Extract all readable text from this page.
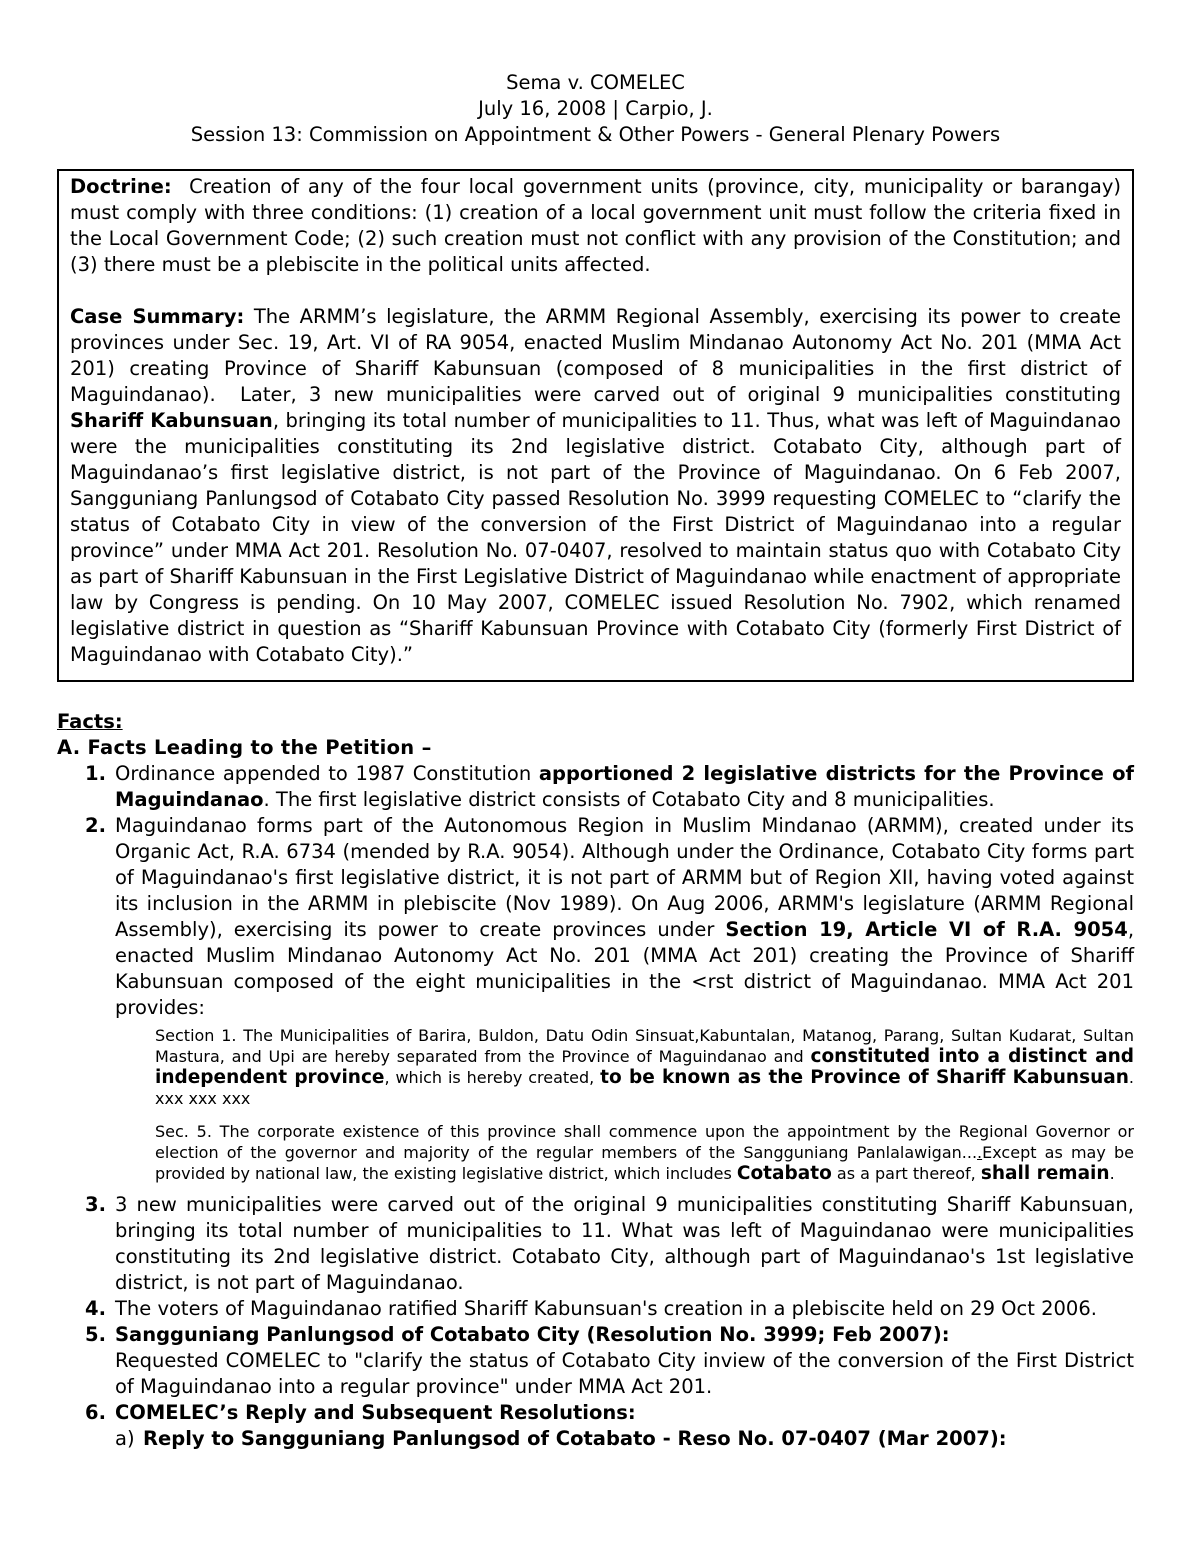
Sema v. COMELEC
July 16, 2008 | Carpio, J.
Session 13: Commission on Appointment & Other Powers - General Plenary Powers

Doctrine:  Creation of any of the four local government units (province, city, municipality or barangay) must comply with three conditions: (1) creation of a local government unit must follow the criteria fixed in the Local Government Code; (2) such creation must not conflict with any provision of the Constitution; and (3) there must be a plebiscite in the political units affected.

Case Summary: The ARMM’s legislature, the ARMM Regional Assembly, exercising its power to create provinces under Sec. 19, Art. VI of RA 9054, enacted Muslim Mindanao Autonomy Act No. 201 (MMA Act 201) creating Province of Shariff Kabunsuan (composed of 8 municipalities in the first district of Maguindanao).  Later, 3 new municipalities were carved out of original 9 municipalities constituting Shariff Kabunsuan, bringing its total number of municipalities to 11. Thus, what was left of Maguindanao were the municipalities constituting its 2nd legislative district. Cotabato City, although part of Maguindanao’s first legislative district, is not part of the Province of Maguindanao. On 6 Feb 2007, Sangguniang Panlungsod of Cotabato City passed Resolution No. 3999 requesting COMELEC to “clarify the status of Cotabato City in view of the conversion of the First District of Maguindanao into a regular province” under MMA Act 201. Resolution No. 07-0407, resolved to maintain status quo with Cotabato City as part of Shariff Kabunsuan in the First Legislative District of Maguindanao while enactment of appropriate law by Congress is pending. On 10 May 2007, COMELEC issued Resolution No. 7902, which renamed legislative district in question as “Shariff Kabunsuan Province with Cotabato City (formerly First District of Maguindanao with Cotabato City).”

Facts:
A. Facts Leading to the Petition –
1. Ordinance appended to 1987 Constitution apportioned 2 legislative districts for the Province of Maguindanao. The first legislative district consists of Cotabato City and 8 municipalities.
2. Maguindanao forms part of the Autonomous Region in Muslim Mindanao (ARMM), created under its Organic Act, R.A. 6734 (mended by R.A. 9054). Although under the Ordinance, Cotabato City forms part of Maguindanao's first legislative district, it is not part of ARMM but of Region XII, having voted against its inclusion in the ARMM in plebiscite (Nov 1989). On Aug 2006, ARMM's legislature (ARMM Regional Assembly), exercising its power to create provinces under Section 19, Article VI of R.A. 9054, enacted Muslim Mindanao Autonomy Act No. 201 (MMA Act 201) creating the Province of Shariff Kabunsuan composed of the eight municipalities in the <rst district of Maguindanao. MMA Act 201 provides:
Section 1. The Municipalities of Barira, Buldon, Datu Odin Sinsuat,Kabuntalan, Matanog, Parang, Sultan Kudarat, Sultan Mastura, and Upi are hereby separated from the Province of Maguindanao and constituted into a distinct and independent province, which is hereby created, to be known as the Province of Shariff Kabunsuan. xxx xxx xxx
Sec. 5. The corporate existence of this province shall commence upon the appointment by the Regional Governor or election of the governor and majority of the regular members of the Sangguniang Panlalawigan....Except as may be provided by national law, the existing legislative district, which includes Cotabato as a part thereof, shall remain.
3. 3 new municipalities were carved out of the original 9 municipalities constituting Shariff Kabunsuan, bringing its total number of municipalities to 11. What was left of Maguindanao were municipalities constituting its 2nd legislative district. Cotabato City, although part of Maguindanao's 1st legislative district, is not part of Maguindanao.
4. The voters of Maguindanao ratified Shariff Kabunsuan's creation in a plebiscite held on 29 Oct 2006.
5. Sangguniang Panlungsod of Cotabato City (Resolution No. 3999; Feb 2007):
Requested COMELEC to "clarify the status of Cotabato City inview of the conversion of the First District of Maguindanao into a regular province" under MMA Act 201.
6. COMELEC’s Reply and Subsequent Resolutions:
a) Reply to Sangguniang Panlungsod of Cotabato - Reso No. 07-0407 (Mar 2007):
